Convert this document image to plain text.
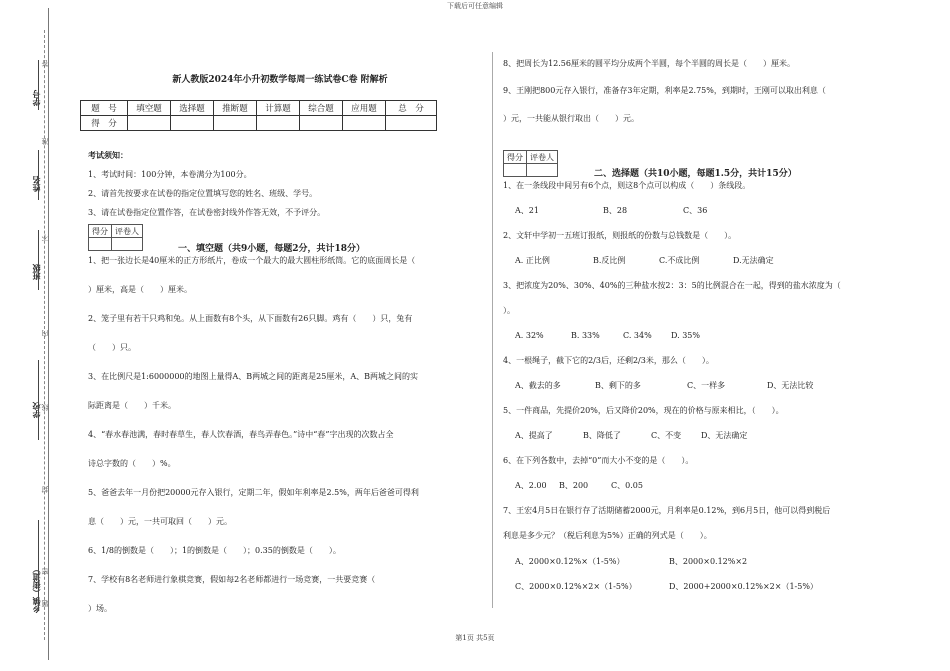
下载后可任意编辑
第1页 共5页
学号
姓名
班级
学校
乡镇（街道）
答
准
不
内
线
封
密
题
新人教版2024年小升初数学每周一练试卷C卷 附解析
题　号	填空题	选择题	推断题	计算题	综合题	应用题	总　分
得　分							
考试须知：
1、考试时间：100分钟，本卷满分为100分。
2、请首先按要求在试卷的指定位置填写您的姓名、班级、学号。
3、请在试卷指定位置作答，在试卷密封线外作答无效，不予评分。
得分	评卷人

一、填空题（共9小题，每题2分，共计18分）
1、把一张边长是40厘米的正方形纸片，卷成一个最大的最大圆柱形纸筒。它的底面周长是（
）厘米，高是（　　）厘米。
2、笼子里有若干只鸡和兔。从上面数有8个头，从下面数有26只脚。鸡有（　　）只，兔有
（　　）只。
3、在比例尺是1:6000000的地图上量得A、B两城之间的距离是25厘米，A、B两城之间的实
际距离是（　　）千米。
4、“春水春池满，春时春草生，春人饮春酒，春鸟弄春色。”诗中“春”字出现的次数占全
诗总字数的（　　）%。
5、爸爸去年一月份把20000元存入银行，定期二年，假如年利率是2.5%，两年后爸爸可得利
息（　　）元，一共可取回（　　）元。
6、1/8的倒数是（　　）；1的倒数是（　　）；0.35的倒数是（　　）。
7、学校有8名老师进行象棋竞赛，假如每2名老师都进行一场竞赛，一共要竞赛（
）场。
8、把周长为12.56厘米的圆平均分成两个半圆，每个半圆的周长是（　　）厘米。
9、王刚把800元存入银行，准备存3年定期，利率是2.75%，到期时，王刚可以取出利息（
）元，一共能从银行取出（　　）元。
得分	评卷人

二、选择题（共10小题，每题1.5分，共计15分）
1、在一条线段中间另有6个点，则这8个点可以构成（　　）条线段。
A、21	B、28	C、36
2、文轩中学初一五班订报纸，则报纸的份数与总钱数是（　　）。
A. 正比例	B.反比例	C.不成比例	D.无法确定
3、把浓度为20%、30%、40%的三种盐水按2：3：5的比例混合在一起，得到的盐水浓度为（
）。
A. 32%	B. 33%	C. 34% D. 35%
4、一根绳子，截下它的2/3后，还剩2/3米，那么（　　）。
A、截去的多	B、剩下的多	C、一样多	D、无法比较
5、一件商品，先提价20%，后又降价20%，现在的价格与原来相比，（　　）。
A、提高了	B、降低了	C、不变 D、无法确定
6、在下列各数中，去掉“0”而大小不变的是（　　）。
A、2.00 B、200	C、0.05
7、王宏4月5日在银行存了活期储蓄2000元，月利率是0.12%，到6月5日，他可以得到税后
利息是多少元？（税后利息为5%）正确的列式是（　　）。
A、2000×0.12%×（1-5%）	B、2000×0.12%×2
C、2000×0.12%×2×（1-5%）	D、2000+2000×0.12%×2×（1-5%）
